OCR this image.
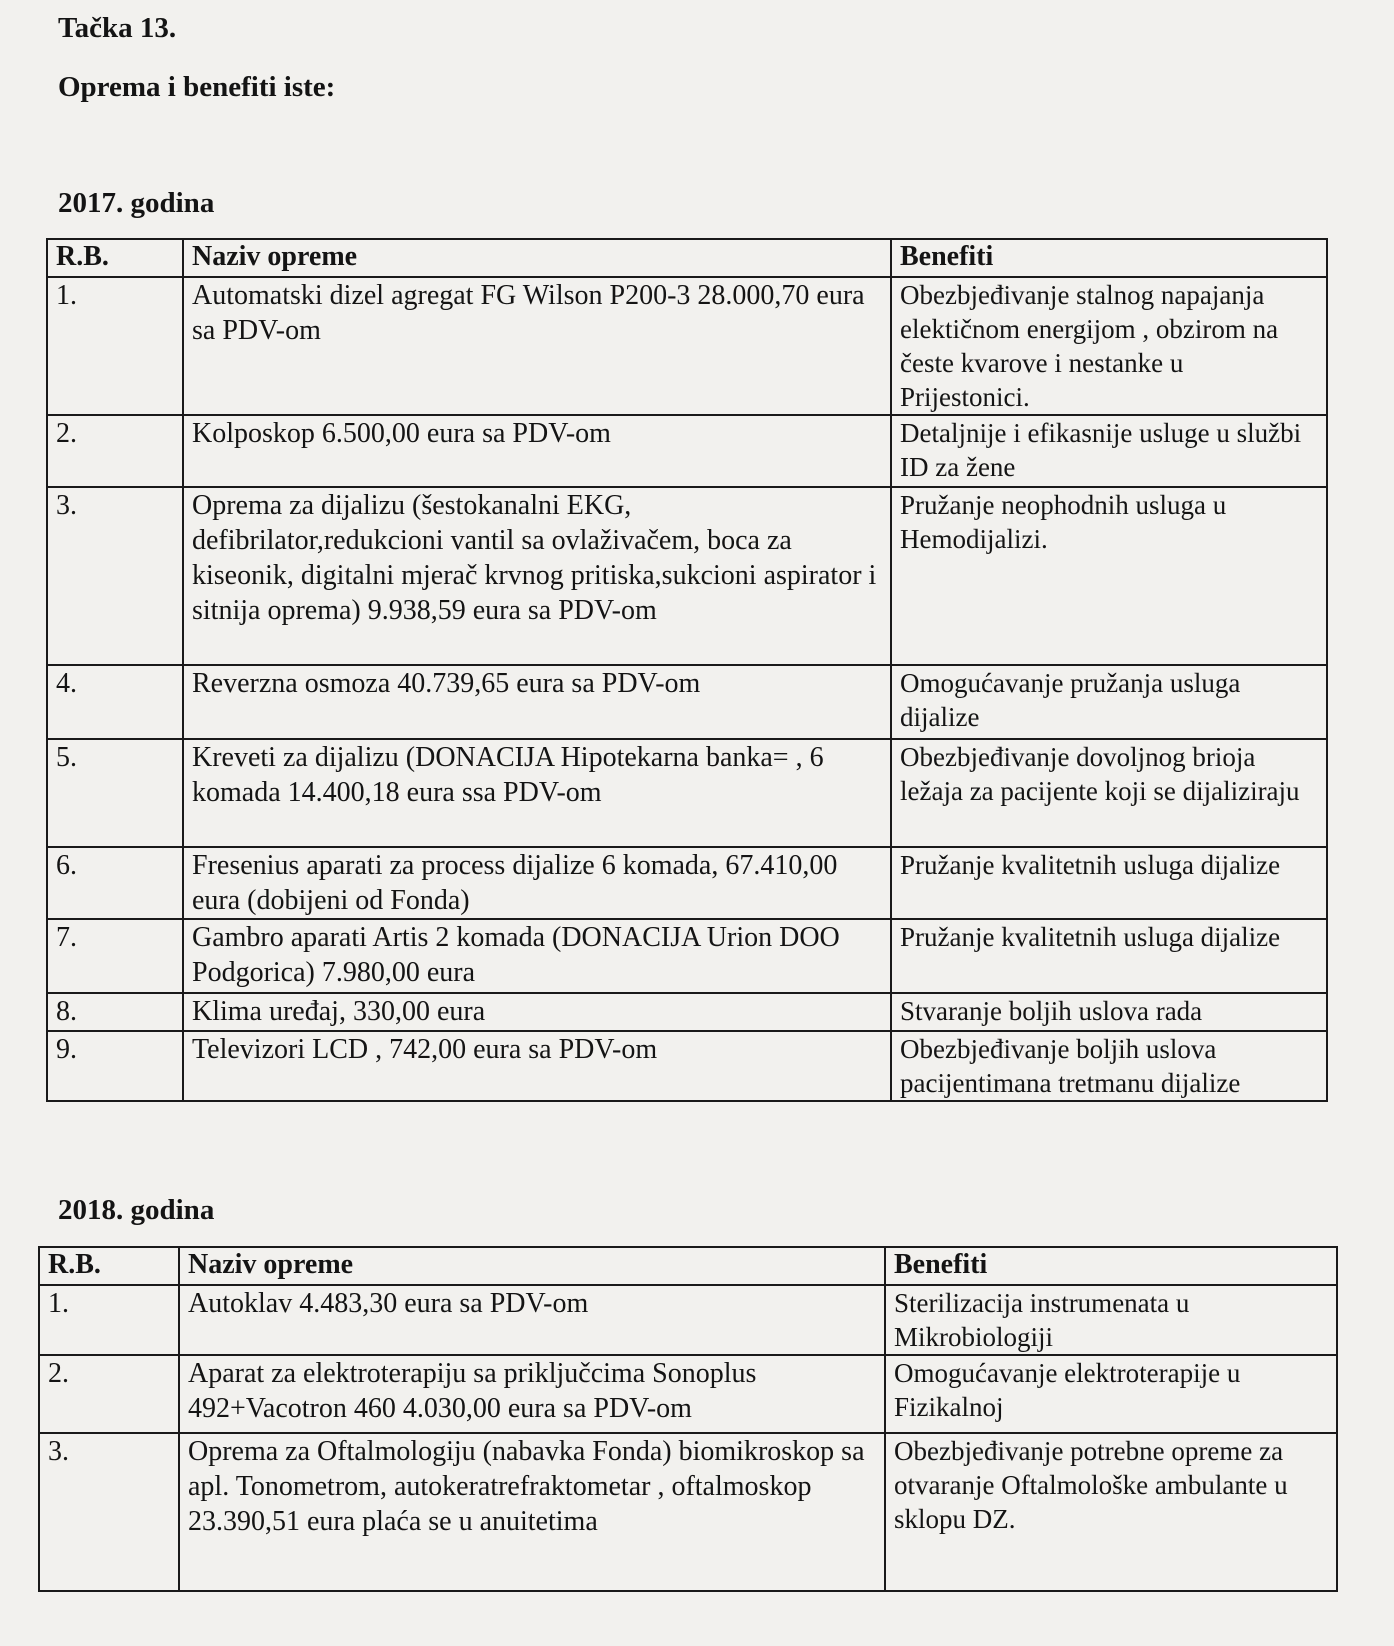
Tačka 13.
Oprema i benefiti iste:
2017. godina
R.B.	Naziv opreme	Benefiti
1.	Automatski dizel agregat FG Wilson P200-3 28.000,70 eura sa PDV-om	Obezbjeđivanje stalnog napajanja elektičnom energijom , obzirom na česte kvarove i nestanke u Prijestonici.
2.	Kolposkop 6.500,00 eura sa PDV-om	Detaljnije i efikasnije usluge u službi ID za žene
3.	Oprema za dijalizu (šestokanalni EKG, defibrilator,redukcioni vantil sa ovlaživačem, boca za kiseonik, digitalni mjerač krvnog pritiska,sukcioni aspirator i sitnija oprema) 9.938,59 eura sa PDV-om	Pružanje neophodnih usluga u Hemodijalizi.
4.	Reverzna osmoza 40.739,65 eura sa PDV-om	Omogućavanje pružanja usluga dijalize
5.	Kreveti za dijalizu (DONACIJA Hipotekarna banka= , 6 komada 14.400,18 eura ssa PDV-om	Obezbjeđivanje dovoljnog brioja ležaja za pacijente koji se dijaliziraju
6.	Fresenius aparati za process dijalize 6 komada, 67.410,00 eura (dobijeni od Fonda)	Pružanje kvalitetnih usluga dijalize
7.	Gambro aparati Artis 2 komada (DONACIJA Urion DOO Podgorica) 7.980,00 eura	Pružanje kvalitetnih usluga dijalize
8.	Klima uređaj, 330,00 eura	Stvaranje boljih uslova rada
9.	Televizori LCD , 742,00 eura sa PDV-om	Obezbjeđivanje boljih uslova pacijentimana tretmanu dijalize
2018. godina
R.B.	Naziv opreme	Benefiti
1.	Autoklav 4.483,30 eura sa PDV-om	Sterilizacija instrumenata u Mikrobiologiji
2.	Aparat za elektroterapiju sa priključcima Sonoplus 492+Vacotron 460 4.030,00 eura sa PDV-om	Omogućavanje elektroterapije u Fizikalnoj
3.	Oprema za Oftalmologiju (nabavka Fonda) biomikroskop sa apl. Tonometrom, autokeratrefraktometar , oftalmoskop 23.390,51 eura plaća se u anuitetima	Obezbjeđivanje potrebne opreme za otvaranje Oftalmološke ambulante u sklopu DZ.
